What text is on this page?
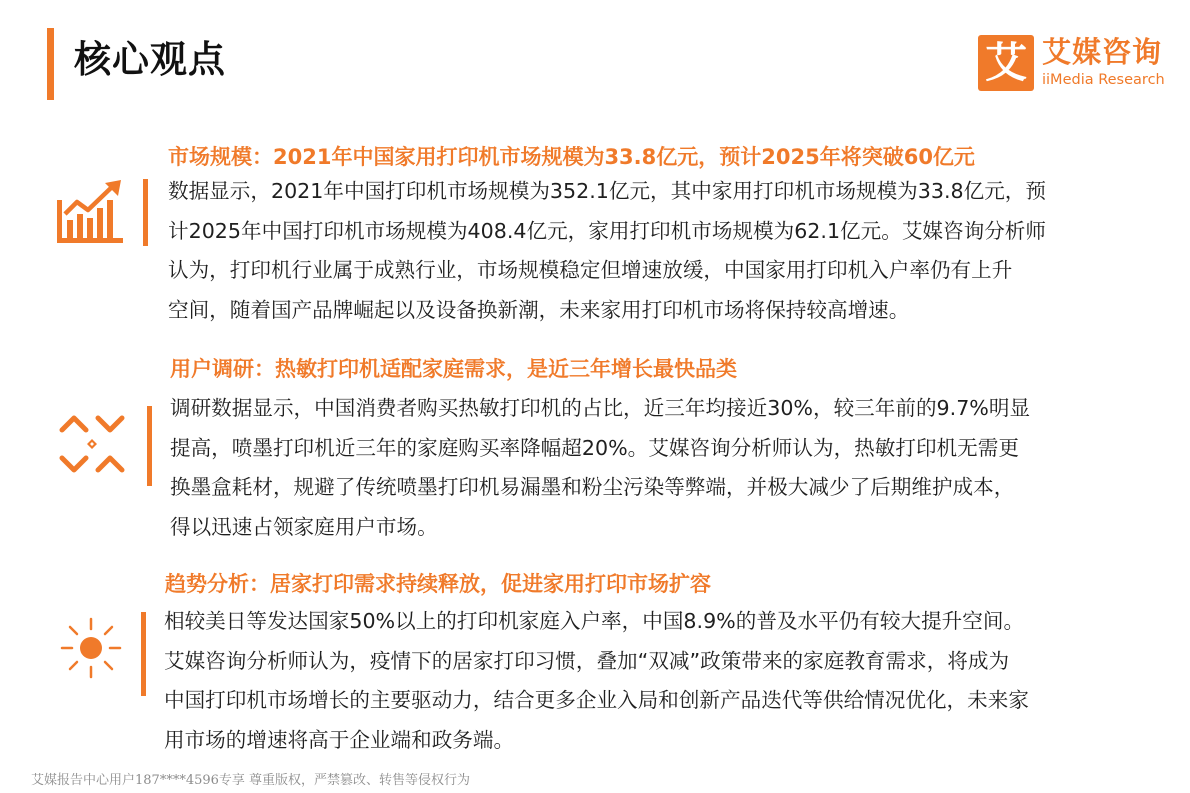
核心观点	艾 艾媒咨询
iiMedia Research
市场规模：2021年中国家用打印机市场规模为33.8亿元，预计2025年将突破60亿元
数据显示，2021年中国打印机市场规模为352.1亿元，其中家用打印机市场规模为33.8亿元，预
计2025年中国打印机市场规模为408.4亿元，家用打印机市场规模为62.1亿元。艾媒咨询分析师
认为，打印机行业属于成熟行业，市场规模稳定但增速放缓，中国家用打印机入户率仍有上升
空间，随着国产品牌崛起以及设备换新潮，未来家用打印机市场将保持较高增速。
用户调研：热敏打印机适配家庭需求，是近三年增长最快品类
调研数据显示，中国消费者购买热敏打印机的占比，近三年均接近30%，较三年前的9.7%明显
提高，喷墨打印机近三年的家庭购买率降幅超20%。艾媒咨询分析师认为，热敏打印机无需更
换墨盒耗材，规避了传统喷墨打印机易漏墨和粉尘污染等弊端，并极大减少了后期维护成本，
得以迅速占领家庭用户市场。
趋势分析：居家打印需求持续释放，促进家用打印市场扩容
相较美日等发达国家50%以上的打印机家庭入户率，中国8.9%的普及水平仍有较大提升空间。
艾媒咨询分析师认为，疫情下的居家打印习惯，叠加“双减”政策带来的家庭教育需求，将成为
中国打印机市场增长的主要驱动力，结合更多企业入局和创新产品迭代等供给情况优化，未来家
用市场的增速将高于企业端和政务端。
艾媒报告中心用户187****4596专享 尊重版权，严禁篡改、转售等侵权行为
